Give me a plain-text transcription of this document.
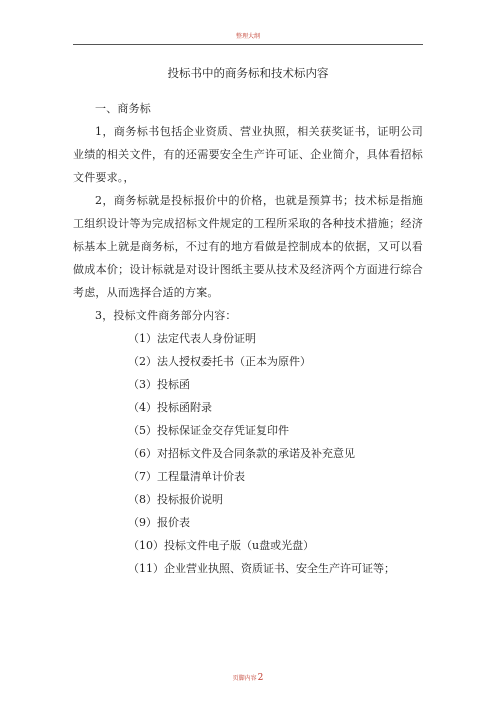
整理大纲
投标书中的商务标和技术标内容

一、商务标

1，商务标书包括企业资质、营业执照，相关获奖证书，证明公司业绩的相关文件，有的还需要安全生产许可证、企业简介，具体看招标文件要求。，

2，商务标就是投标报价中的价格，也就是预算书；技术标是指施工组织设计等为完成招标文件规定的工程所采取的各种技术措施；经济标基本上就是商务标，不过有的地方看做是控制成本的依据，又可以看做成本价；设计标就是对设计图纸主要从技术及经济两个方面进行综合考虑，从而选择合适的方案。

3，投标文件商务部分内容：

（1）法定代表人身份证明
（2）法人授权委托书（正本为原件）
（3）投标函
（4）投标函附录
（5）投标保证金交存凭证复印件
（6）对招标文件及合同条款的承诺及补充意见
（7）工程量清单计价表
（8）投标报价说明
（9）报价表
（10）投标文件电子版（u盘或光盘）
（11）企业营业执照、资质证书、安全生产许可证等；
页脚内容2
